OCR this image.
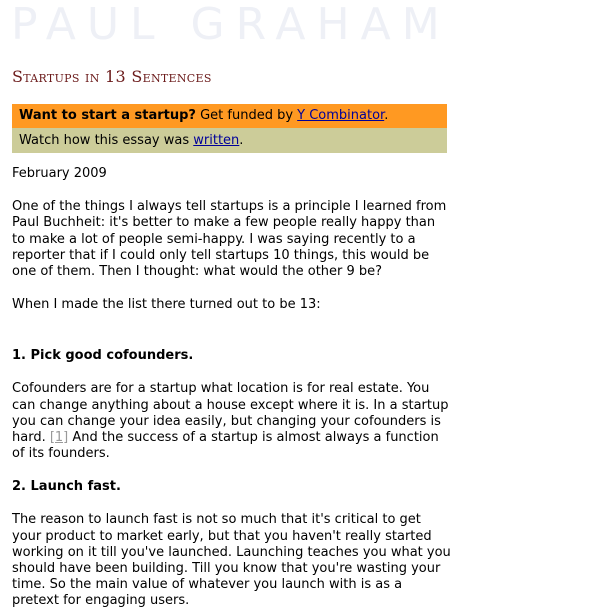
PAUL GRAHAM
Startups in 13 Sentences
Want to start a startup? Get funded by Y Combinator.
Watch how this essay was written.

February 2009

One of the things I always tell startups is a principle I learned from Paul Buchheit: it's better to make a few people really happy than to make a lot of people semi-happy. I was saying recently to a reporter that if I could only tell startups 10 things, this would be one of them. Then I thought: what would the other 9 be?

When I made the list there turned out to be 13:

1. Pick good cofounders.

Cofounders are for a startup what location is for real estate. You can change anything about a house except where it is. In a startup you can change your idea easily, but changing your cofounders is hard. [1] And the success of a startup is almost always a function of its founders.

2. Launch fast.

The reason to launch fast is not so much that it's critical to get your product to market early, but that you haven't really started working on it till you've launched. Launching teaches you what you should have been building. Till you know that you're wasting your time. So the main value of whatever you launch with is as a pretext for engaging users.
